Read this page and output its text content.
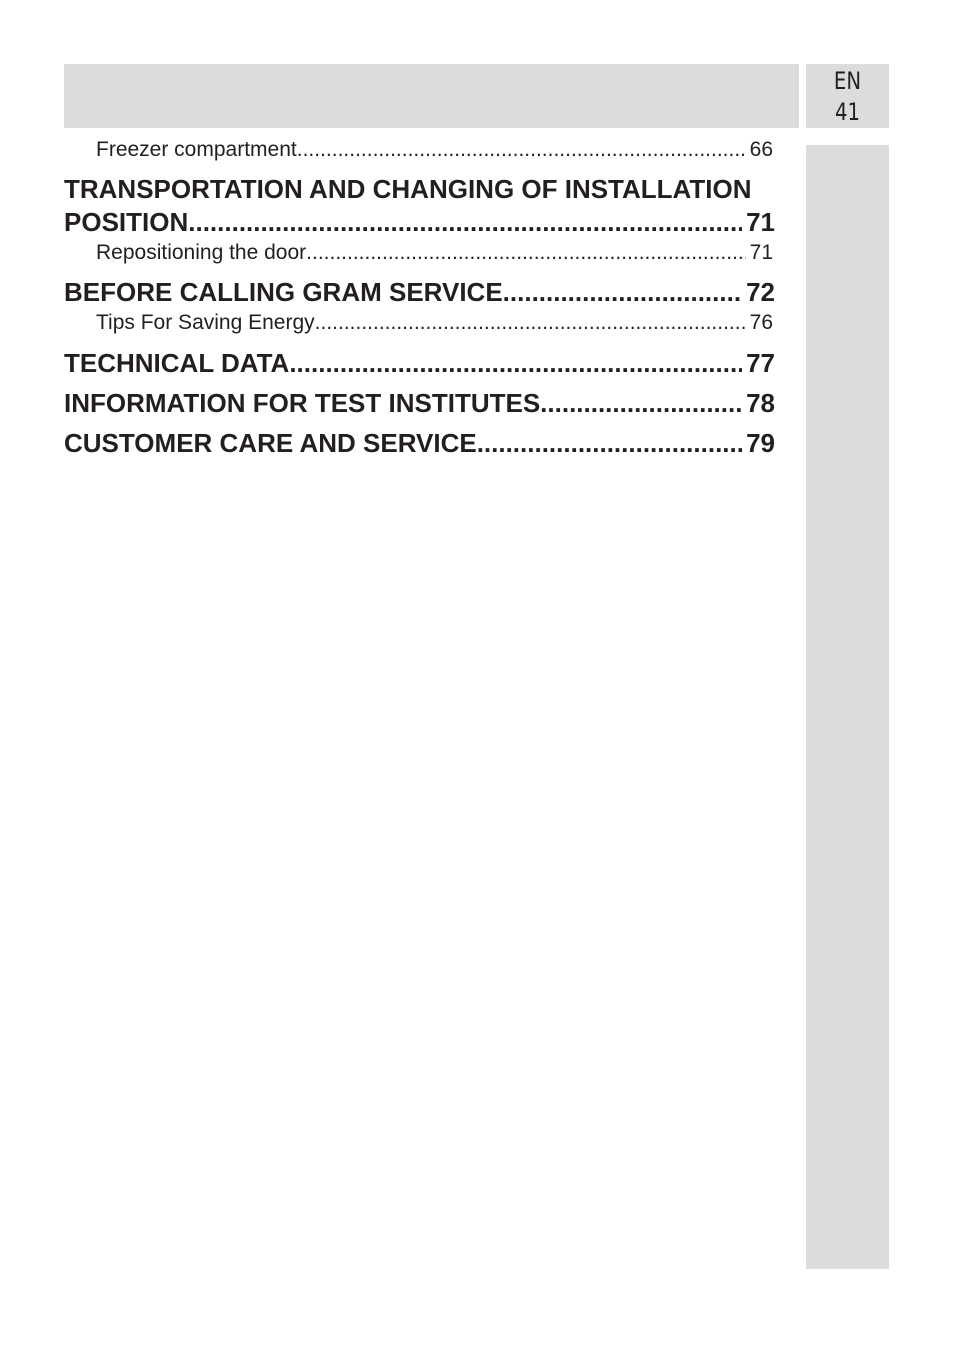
EN
41
Freezer compartment .....	66
TRANSPORTATION AND CHANGING OF INSTALLATION
POSITION .....	71
Repositioning the door .....	71
BEFORE CALLING GRAM SERVICE .....	72
Tips For Saving Energy .....	76
TECHNICAL DATA .....	77
INFORMATION FOR TEST INSTITUTES .....	78
CUSTOMER CARE AND SERVICE .....	79
